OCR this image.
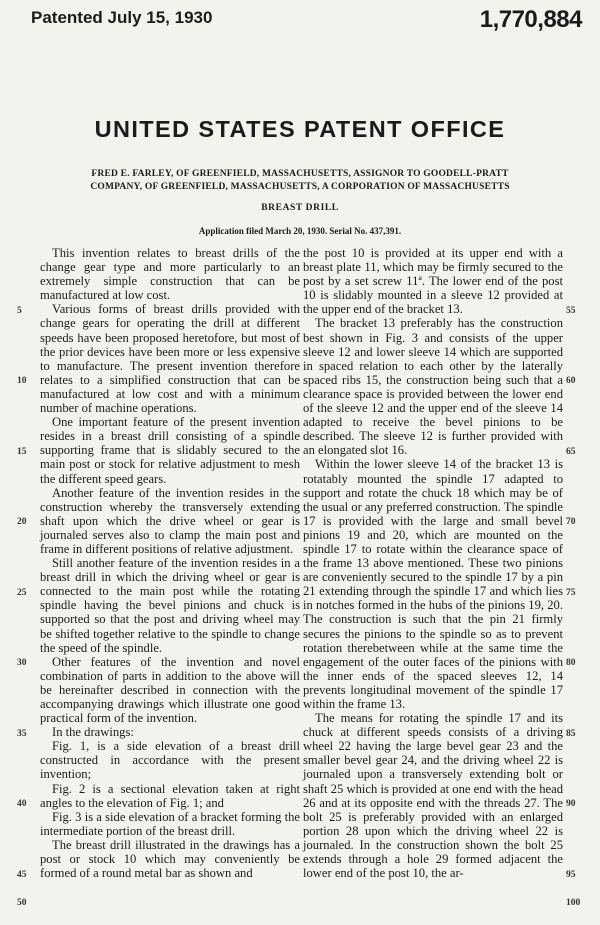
Patented July 15, 1930	1,770,884
UNITED STATES PATENT OFFICE
FRED E. FARLEY, OF GREENFIELD, MASSACHUSETTS, ASSIGNOR TO GOODELL-PRATT
COMPANY, OF GREENFIELD, MASSACHUSETTS, A CORPORATION OF MASSACHUSETTS
BREAST DRILL
Application filed March 20, 1930. Serial No. 437,391.

This invention relates to breast drills of the change gear type and more particularly to an extremely simple construction that can be manufactured at low cost.

Various forms of breast drills provided with change gears for operating the drill at different speeds have been proposed heretofore, but most of the prior devices have been more or less expensive to manufacture. The present invention therefore relates to a simplified construction that can be manufactured at low cost and with a minimum number of machine operations.

One important feature of the present invention resides in a breast drill consisting of a spindle supporting frame that is slidably secured to the main post or stock for relative adjustment to mesh the different speed gears.

Another feature of the invention resides in the construction whereby the transversely extending shaft upon which the drive wheel or gear is journaled serves also to clamp the main post and frame in different positions of relative adjustment.

Still another feature of the invention resides in a breast drill in which the driving wheel or gear is connected to the main post while the rotating spindle having the bevel pinions and chuck is supported so that the post and driving wheel may be shifted together relative to the spindle to change the speed of the spindle.

Other features of the invention and novel combination of parts in addition to the above will be hereinafter described in connection with the accompanying drawings which illustrate one good practical form of the invention.

In the drawings:

Fig. 1, is a side elevation of a breast drill constructed in accordance with the present invention;

Fig. 2 is a sectional elevation taken at right angles to the elevation of Fig. 1; and

Fig. 3 is a side elevation of a bracket forming the intermediate portion of the breast drill.

The breast drill illustrated in the drawings has a post or stock 10 which may conveniently be formed of a round metal bar as shown and

the post 10 is provided at its upper end with a breast plate 11, which may be firmly secured to the post by a set screw 11ª. The lower end of the post 10 is slidably mounted in a sleeve 12 provided at the upper end of the bracket 13.

The bracket 13 preferably has the construction best shown in Fig. 3 and consists of the upper sleeve 12 and lower sleeve 14 which are supported in spaced relation to each other by the laterally spaced ribs 15, the construction being such that a clearance space is provided between the lower end of the sleeve 12 and the upper end of the sleeve 14 adapted to receive the bevel pinions to be described. The sleeve 12 is further provided with an elongated slot 16.

Within the lower sleeve 14 of the bracket 13 is rotatably mounted the spindle 17 adapted to support and rotate the chuck 18 which may be of the usual or any preferred construction. The spindle 17 is provided with the large and small bevel pinions 19 and 20, which are mounted on the spindle 17 to rotate within the clearance space of the frame 13 above mentioned. These two pinions are conveniently secured to the spindle 17 by a pin 21 extending through the spindle 17 and which lies in notches formed in the hubs of the pinions 19, 20. The construction is such that the pin 21 firmly secures the pinions to the spindle so as to prevent rotation therebetween while at the same time the engagement of the outer faces of the pinions with the inner ends of the spaced sleeves 12, 14 prevents longitudinal movement of the spindle 17 within the frame 13.

The means for rotating the spindle 17 and its chuck at different speeds consists of a driving wheel 22 having the large bevel gear 23 and the smaller bevel gear 24, and the driving wheel 22 is journaled upon a transversely extending bolt or shaft 25 which is provided at one end with the head 26 and at its opposite end with the threads 27. The bolt 25 is preferably provided with an enlarged portion 28 upon which the driving wheel 22 is journaled. In the construction shown the bolt 25 extends through a hole 29 formed adjacent the lower end of the post 10, the ar-

5
10
15
20
25
30
35
40
45
50
55
60
65
70
75
80
85
90
95
100
